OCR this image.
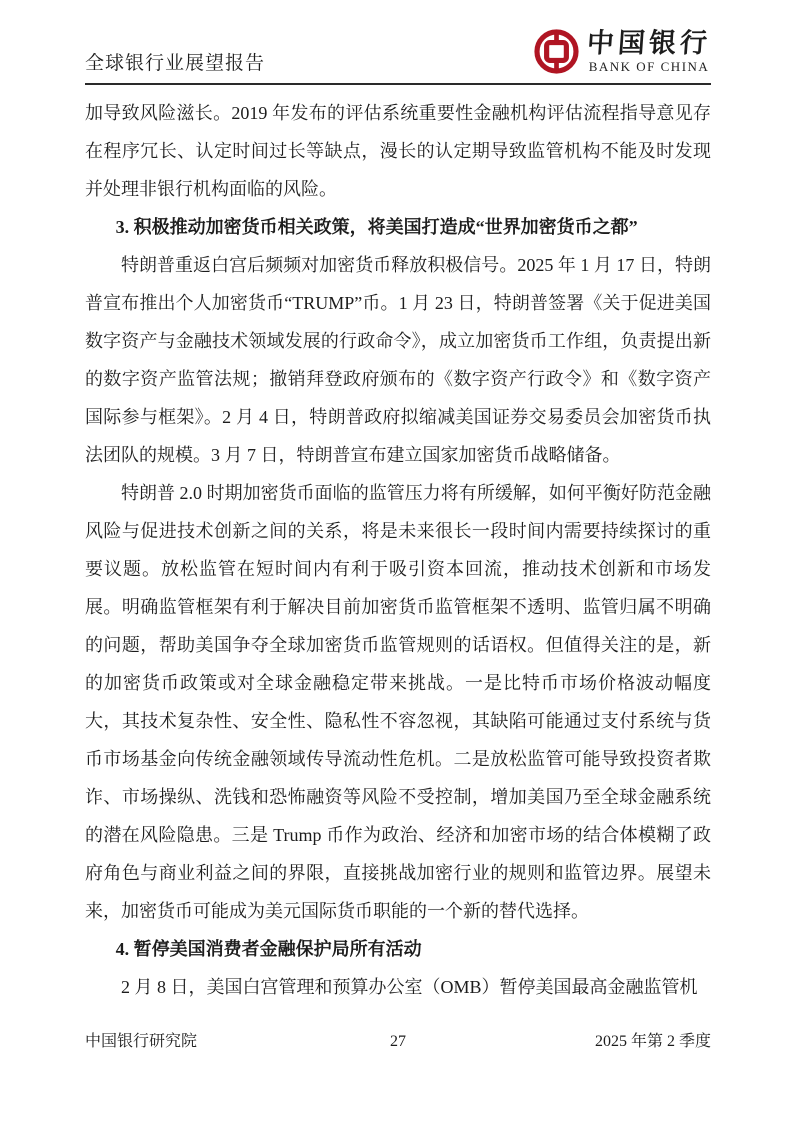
全球银行业展望报告
中国银行
BANK OF CHINA

加导致风险滋长。2019 年发布的评估系统重要性金融机构评估流程指导意见存在程序冗长、认定时间过长等缺点，漫长的认定期导致监管机构不能及时发现并处理非银行机构面临的风险。

3. 积极推动加密货币相关政策，将美国打造成“世界加密货币之都”

特朗普重返白宫后频频对加密货币释放积极信号。2025 年 1 月 17 日，特朗普宣布推出个人加密货币“TRUMP”币。1 月 23 日，特朗普签署《关于促进美国数字资产与金融技术领域发展的行政命令》，成立加密货币工作组，负责提出新的数字资产监管法规；撤销拜登政府颁布的《数字资产行政令》和《数字资产国际参与框架》。2 月 4 日，特朗普政府拟缩减美国证券交易委员会加密货币执法团队的规模。3 月 7 日，特朗普宣布建立国家加密货币战略储备。

特朗普 2.0 时期加密货币面临的监管压力将有所缓解，如何平衡好防范金融风险与促进技术创新之间的关系，将是未来很长一段时间内需要持续探讨的重要议题。放松监管在短时间内有利于吸引资本回流，推动技术创新和市场发展。明确监管框架有利于解决目前加密货币监管框架不透明、监管归属不明确的问题，帮助美国争夺全球加密货币监管规则的话语权。但值得关注的是，新的加密货币政策或对全球金融稳定带来挑战。一是比特币市场价格波动幅度大，其技术复杂性、安全性、隐私性不容忽视，其缺陷可能通过支付系统与货币市场基金向传统金融领域传导流动性危机。二是放松监管可能导致投资者欺诈、市场操纵、洗钱和恐怖融资等风险不受控制，增加美国乃至全球金融系统的潜在风险隐患。三是 Trump 币作为政治、经济和加密市场的结合体模糊了政府角色与商业利益之间的界限，直接挑战加密行业的规则和监管边界。展望未来，加密货币可能成为美元国际货币职能的一个新的替代选择。

4. 暂停美国消费者金融保护局所有活动

2 月 8 日，美国白宫管理和预算办公室（OMB）暂停美国最高金融监管机

中国银行研究院	27	2025 年第 2 季度
